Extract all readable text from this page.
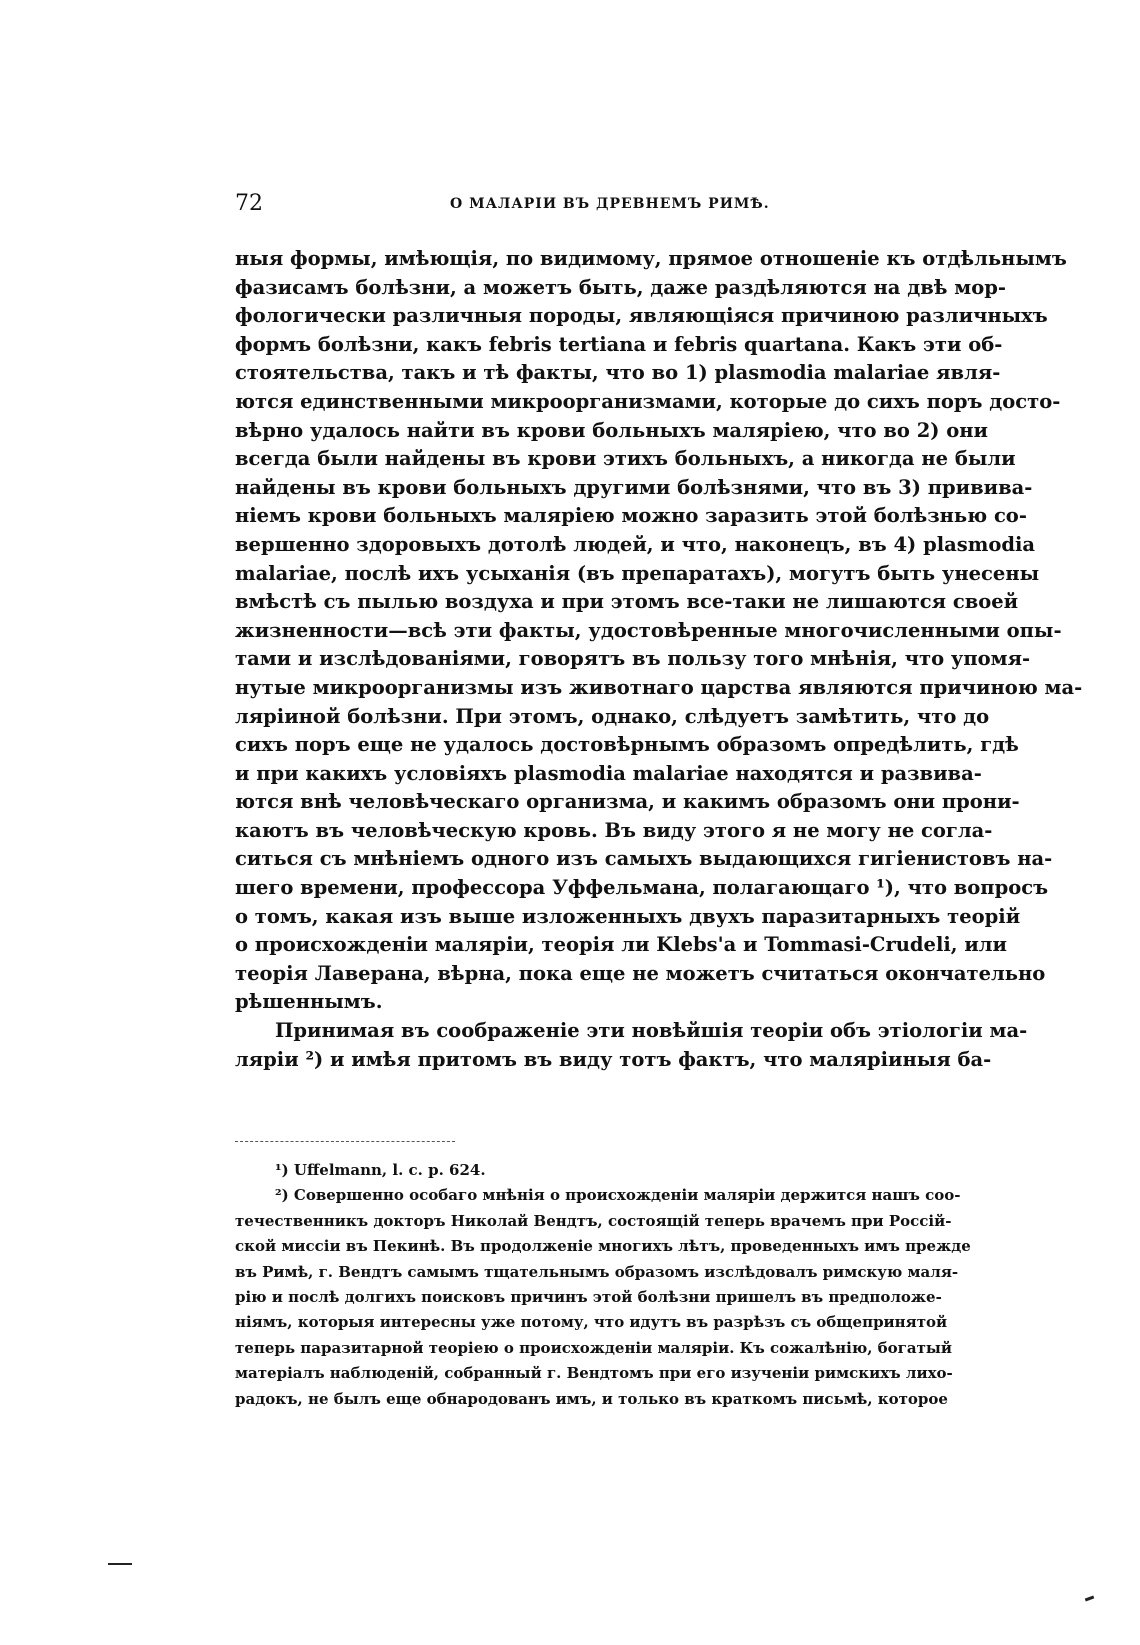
72	О МАЛАРІИ ВЪ ДРЕВНЕМЪ РИМѢ.
ныя формы, имѣющія, по видимому, прямое отношеніе къ отдѣльнымъ
фазисамъ болѣзни, а можетъ быть, даже раздѣляются на двѣ мор-
фологически различныя породы, являющіяся причиною различныхъ
формъ болѣзни, какъ febris tertiana и febris quartana. Какъ эти об-
стоятельства, такъ и тѣ факты, что во 1) plasmodia malariae явля-
ются единственными микроорганизмами, которые до сихъ поръ досто-
вѣрно удалось найти въ крови больныхъ маляріею, что во 2) они
всегда были найдены въ крови этихъ больныхъ, а никогда не были
найдены въ крови больныхъ другими болѣзнями, что въ 3) привива-
ніемъ крови больныхъ маляріею можно заразить этой болѣзнью со-
вершенно здоровыхъ дотолѣ людей, и что, наконецъ, въ 4) plasmodia
malariae, послѣ ихъ усыханія (въ препаратахъ), могутъ быть унесены
вмѣстѣ съ пылью воздуха и при этомъ все-таки не лишаются своей
жизненности—всѣ эти факты, удостовѣренные многочисленными опы-
тами и изслѣдованіями, говорятъ въ пользу того мнѣнія, что упомя-
нутые микроорганизмы изъ животнаго царства являются причиною ма-
ляріиной болѣзни. При этомъ, однако, слѣдуетъ замѣтить, что до
сихъ поръ еще не удалось достовѣрнымъ образомъ опредѣлить, гдѣ
и при какихъ условіяхъ plasmodia malariae находятся и развива-
ются внѣ человѣческаго организма, и какимъ образомъ они прони-
каютъ въ человѣческую кровь. Въ виду этого я не могу не согла-
ситься съ мнѣніемъ одного изъ самыхъ выдающихся гигіенистовъ на-
шего времени, профессора Уффельмана, полагающаго ¹), что вопросъ
о томъ, какая изъ выше изложенныхъ двухъ паразитарныхъ теорій
о происхожденіи маляріи, теорія ли Klebs'а и Tommasi-Crudeli, или
теорія Лаверана, вѣрна, пока еще не можетъ считаться окончательно
рѣшеннымъ.
Принимая въ соображеніе эти новѣйшія теоріи объ этіологіи ма-
ляріи ²) и имѣя притомъ въ виду тотъ фактъ, что маляріиныя ба-
¹) Uffelmann, l. c. p. 624.
²) Совершенно особаго мнѣнія о происхожденіи маляріи держится нашъ соо-
течественникъ докторъ Николай Вендтъ, состоящій теперь врачемъ при Россій-
ской миссіи въ Пекинѣ. Въ продолженіе многихъ лѣтъ, проведенныхъ имъ прежде
въ Римѣ, г. Вендтъ самымъ тщательнымъ образомъ изслѣдовалъ римскую маля-
рію и послѣ долгихъ поисковъ причинъ этой болѣзни пришелъ въ предположе-
ніямъ, которыя интересны уже потому, что идутъ въ разрѣзъ съ общепринятой
теперь паразитарной теоріею о происхожденіи маляріи. Къ сожалѣнію, богатый
матеріалъ наблюденій, собранный г. Вендтомъ при его изученіи римскихъ лихо-
радокъ, не былъ еще обнародованъ имъ, и только въ краткомъ письмѣ, которое
